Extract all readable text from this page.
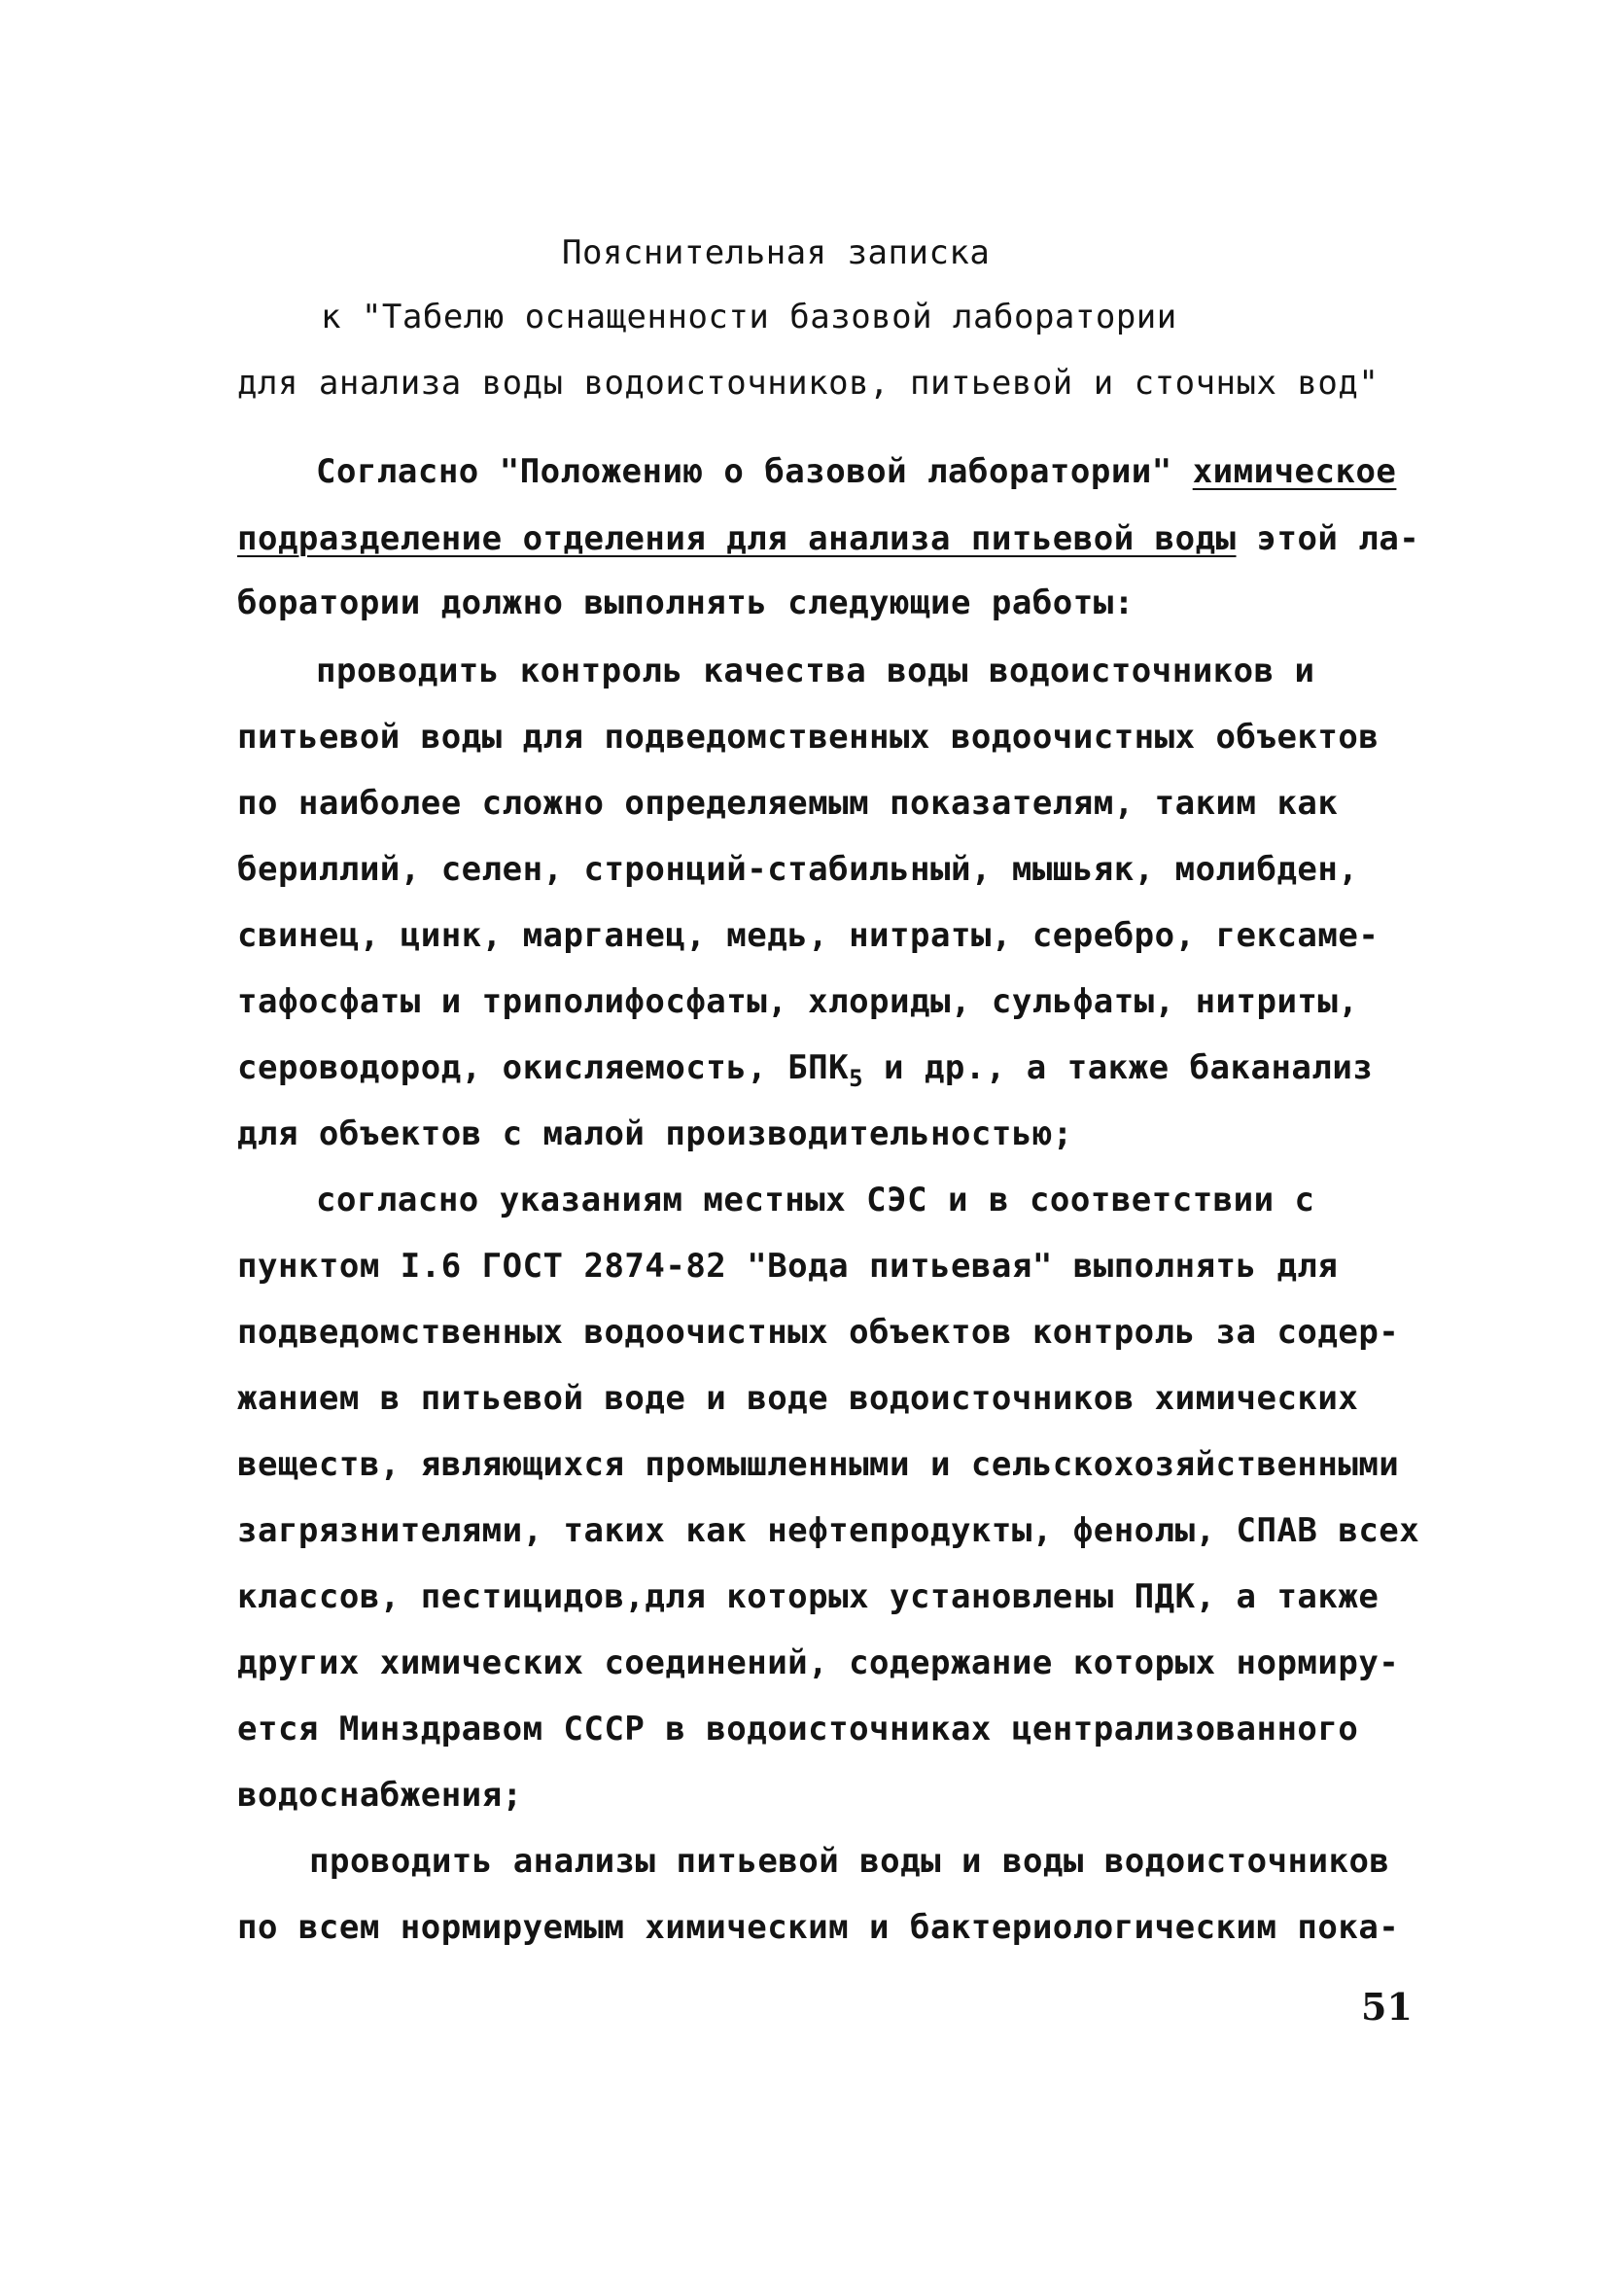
Пояснительная записка
к "Табелю оснащенности базовой лаборатории
для анализа воды водоисточников, питьевой и сточных вод"
Согласно "Положению о базовой лаборатории" химическое
подразделение отделения для анализа питьевой воды этой ла-
боратории должно выполнять следующие работы:
проводить контроль качества воды водоисточников и
питьевой воды для подведомственных водоочистных объектов
по наиболее сложно определяемым показателям, таким как
бериллий, селен, стронций-стабильный, мышьяк, молибден,
свинец, цинк, марганец, медь, нитраты, серебро, гексаме-
тафосфаты и триполифосфаты, хлориды, сульфаты, нитриты,
сероводород, окисляемость, $БПК_5$ и др., а также баканализ
для объектов с малой производительностью;
согласно указаниям местных СЭС и в соответствии с
пунктом I.6 ГОСТ 2874-82 "Вода питьевая" выполнять для
подведомственных водоочистных объектов контроль за содер-
жанием в питьевой воде и воде водоисточников химических
веществ, являющихся промышленными и сельскохозяйственными
загрязнителями, таких как нефтепродукты, фенолы, СПАВ всех
классов, пестицидов,для которых установлены ПДК, а также
других химических соединений, содержание которых нормиру-
ется Минздравом СССР в водоисточниках централизованного
водоснабжения;
проводить анализы питьевой воды и воды водоисточников
по всем нормируемым химическим и бактериологическим пока-
51
